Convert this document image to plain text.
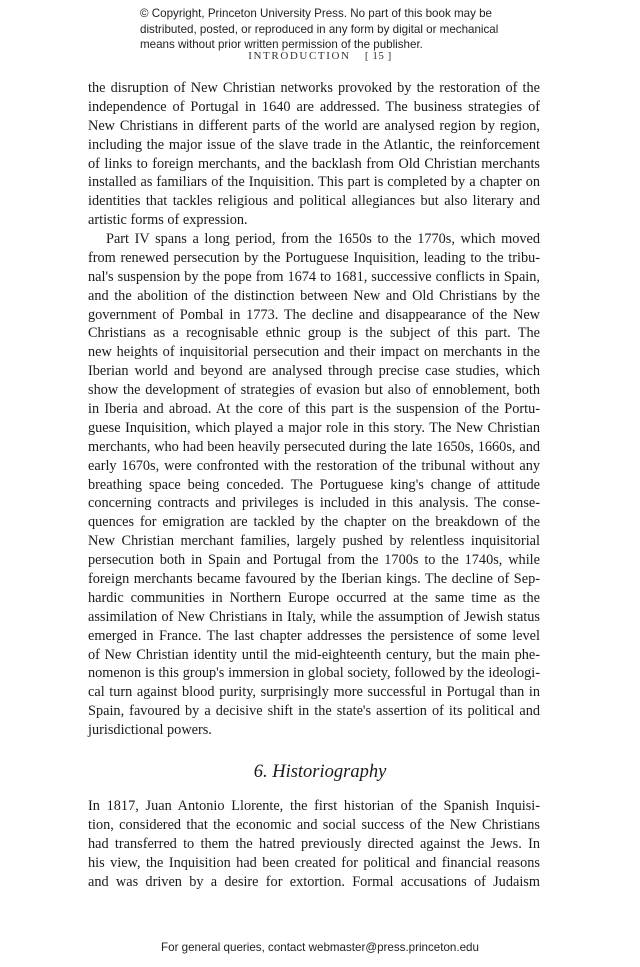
© Copyright, Princeton University Press. No part of this book may be
distributed, posted, or reproduced in any form by digital or mechanical
means without prior written permission of the publisher.
INTRODUCTION [ 15 ]
the disruption of New Christian networks provoked by the restoration of the
independence of Portugal in 1640 are addressed. The business strategies of
New Christians in different parts of the world are analysed region by region,
including the major issue of the slave trade in the Atlantic, the reinforcement
of links to foreign merchants, and the backlash from Old Christian merchants
installed as familiars of the Inquisition. This part is completed by a chapter on
identities that tackles religious and political allegiances but also literary and
artistic forms of expression.
Part IV spans a long period, from the 1650s to the 1770s, which moved
from renewed persecution by the Portuguese Inquisition, leading to the tribu-
nal's suspension by the pope from 1674 to 1681, successive conflicts in Spain,
and the abolition of the distinction between New and Old Christians by the
government of Pombal in 1773. The decline and disappearance of the New
Christians as a recognisable ethnic group is the subject of this part. The
new heights of inquisitorial persecution and their impact on merchants in the
Iberian world and beyond are analysed through precise case studies, which
show the development of strategies of evasion but also of ennoblement, both
in Iberia and abroad. At the core of this part is the suspension of the Portu-
guese Inquisition, which played a major role in this story. The New Christian
merchants, who had been heavily persecuted during the late 1650s, 1660s, and
early 1670s, were confronted with the restoration of the tribunal without any
breathing space being conceded. The Portuguese king's change of attitude
concerning contracts and privileges is included in this analysis. The conse-
quences for emigration are tackled by the chapter on the breakdown of the
New Christian merchant families, largely pushed by relentless inquisitorial
persecution both in Spain and Portugal from the 1700s to the 1740s, while
foreign merchants became favoured by the Iberian kings. The decline of Sep-
hardic communities in Northern Europe occurred at the same time as the
assimilation of New Christians in Italy, while the assumption of Jewish status
emerged in France. The last chapter addresses the persistence of some level
of New Christian identity until the mid-eighteenth century, but the main phe-
nomenon is this group's immersion in global society, followed by the ideologi-
cal turn against blood purity, surprisingly more successful in Portugal than in
Spain, favoured by a decisive shift in the state's assertion of its political and
jurisdictional powers.
6. Historiography
In 1817, Juan Antonio Llorente, the first historian of the Spanish Inquisi-
tion, considered that the economic and social success of the New Christians
had transferred to them the hatred previously directed against the Jews. In
his view, the Inquisition had been created for political and financial reasons
and was driven by a desire for extortion. Formal accusations of Judaism
For general queries, contact webmaster@press.princeton.edu
